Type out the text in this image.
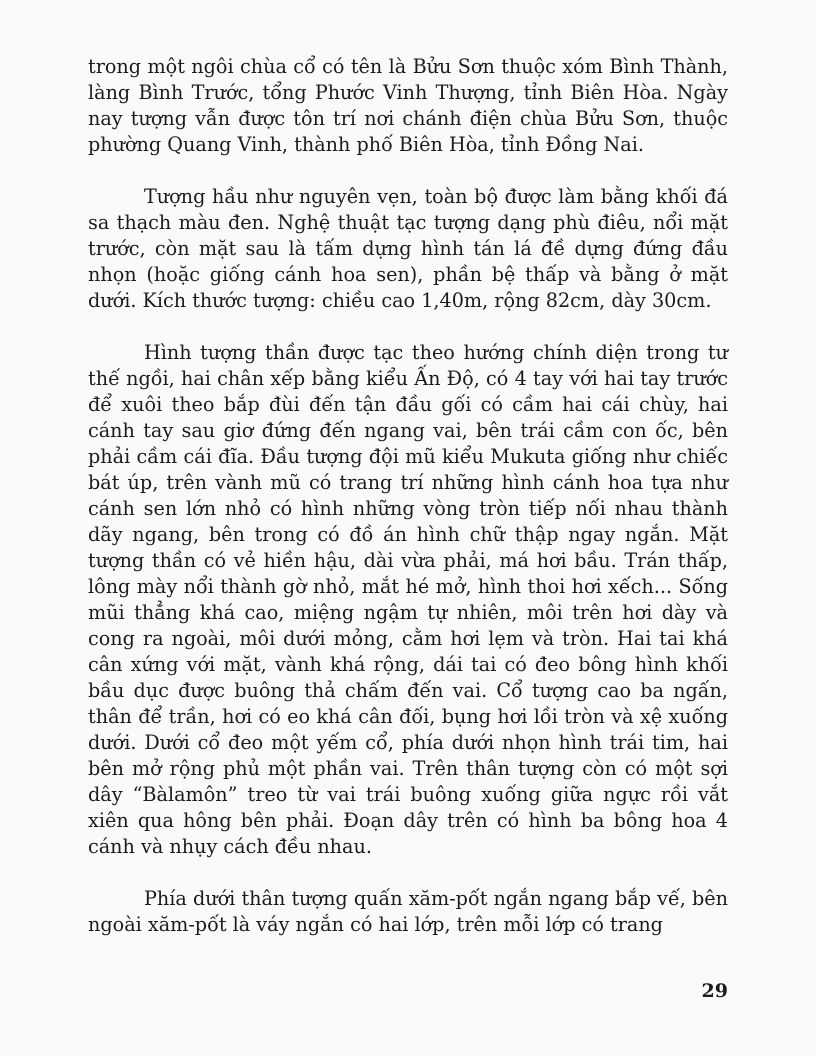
trong một ngôi chùa cổ có tên là Bửu Sơn thuộc xóm Bình Thành, làng Bình Trước, tổng Phước Vinh Thượng, tỉnh Biên Hòa. Ngày nay tượng vẫn được tôn trí nơi chánh điện chùa Bửu Sơn, thuộc phường Quang Vinh, thành phố Biên Hòa, tỉnh Đồng Nai.

Tượng hầu như nguyên vẹn, toàn bộ được làm bằng khối đá sa thạch màu đen. Nghệ thuật tạc tượng dạng phù điêu, nổi mặt trước, còn mặt sau là tấm dựng hình tán lá đề dựng đứng đầu nhọn (hoặc giống cánh hoa sen), phần bệ thấp và bằng ở mặt dưới. Kích thước tượng: chiều cao 1,40m, rộng 82cm, dày 30cm.

Hình tượng thần được tạc theo hướng chính diện trong tư thế ngồi, hai chân xếp bằng kiểu Ấn Độ, có 4 tay với hai tay trước để xuôi theo bắp đùi đến tận đầu gối có cầm hai cái chùy, hai cánh tay sau giơ đứng đến ngang vai, bên trái cầm con ốc, bên phải cầm cái đĩa. Đầu tượng đội mũ kiểu Mukuta giống như chiếc bát úp, trên vành mũ có trang trí những hình cánh hoa tựa như cánh sen lớn nhỏ có hình những vòng tròn tiếp nối nhau thành dãy ngang, bên trong có đồ án hình chữ thập ngay ngắn. Mặt tượng thần có vẻ hiền hậu, dài vừa phải, má hơi bầu. Trán thấp, lông mày nổi thành gờ nhỏ, mắt hé mở, hình thoi hơi xếch... Sống mũi thẳng khá cao, miệng ngậm tự nhiên, môi trên hơi dày và cong ra ngoài, môi dưới mỏng, cằm hơi lẹm và tròn. Hai tai khá cân xứng với mặt, vành khá rộng, dái tai có đeo bông hình khối bầu dục được buông thả chấm đến vai. Cổ tượng cao ba ngấn, thân để trần, hơi có eo khá cân đối, bụng hơi lồi tròn và xệ xuống dưới. Dưới cổ đeo một yếm cổ, phía dưới nhọn hình trái tim, hai bên mở rộng phủ một phần vai. Trên thân tượng còn có một sợi dây “Bàlamôn” treo từ vai trái buông xuống giữa ngực rồi vắt xiên qua hông bên phải. Đoạn dây trên có hình ba bông hoa 4 cánh và nhụy cách đều nhau.

Phía dưới thân tượng quấn xăm-pốt ngắn ngang bắp vế, bên ngoài xăm-pốt là váy ngắn có hai lớp, trên mỗi lớp có trang

29
